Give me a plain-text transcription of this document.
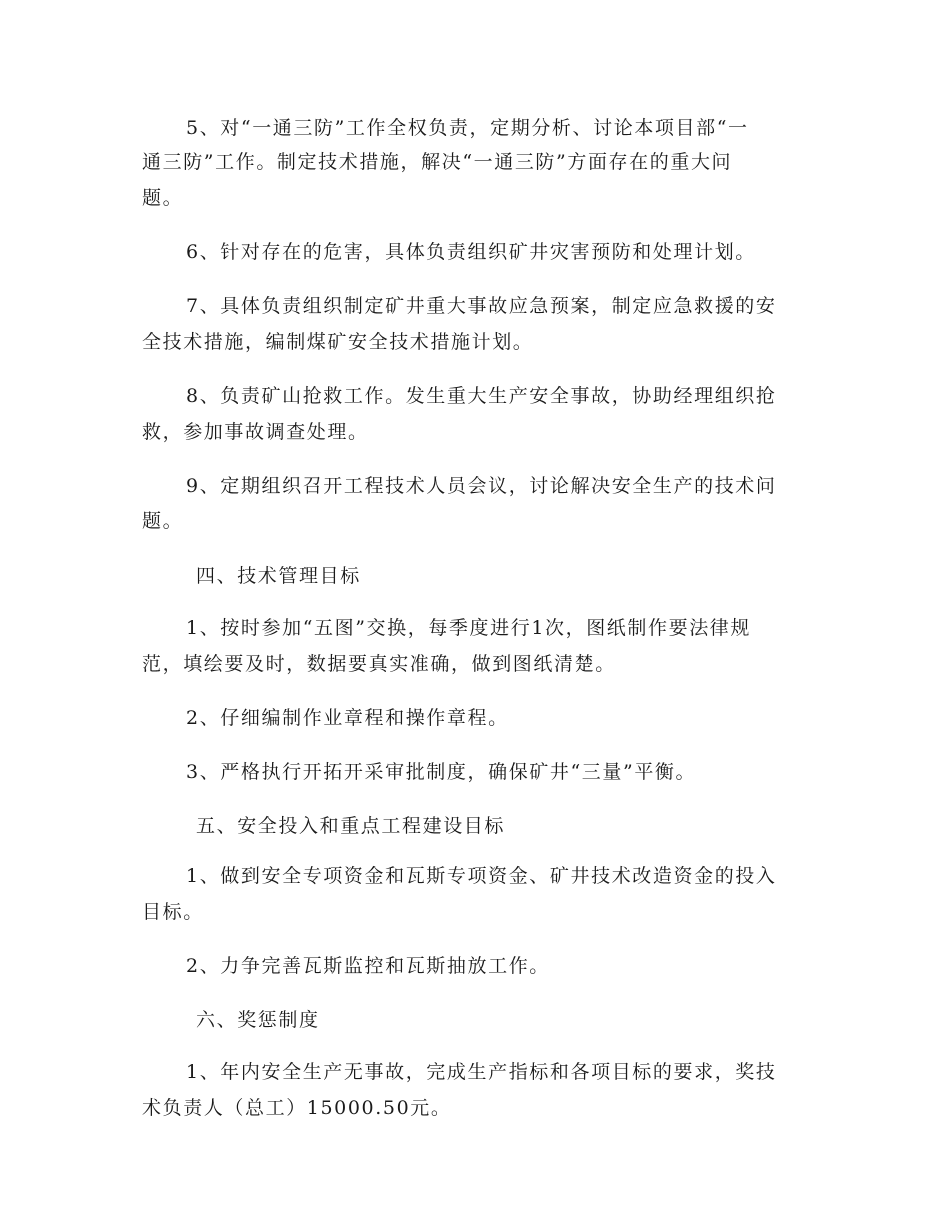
5、对“一通三防”工作全权负责，定期分析、讨论本项目部“一

通三防”工作。制定技术措施，解决“一通三防”方面存在的重大问

题。

6、针对存在的危害，具体负责组织矿井灾害预防和处理计划。

7、具体负责组织制定矿井重大事故应急预案，制定应急救援的安

全技术措施，编制煤矿安全技术措施计划。

8、负责矿山抢救工作。发生重大生产安全事故，协助经理组织抢

救，参加事故调查处理。

9、定期组织召开工程技术人员会议，讨论解决安全生产的技术问

题。

四、技术管理目标

1、按时参加“五图”交换，每季度进行1次，图纸制作要法律规

范，填绘要及时，数据要真实准确，做到图纸清楚。

2、仔细编制作业章程和操作章程。

3、严格执行开拓开采审批制度，确保矿井“三量”平衡。

五、安全投入和重点工程建设目标

1、做到安全专项资金和瓦斯专项资金、矿井技术改造资金的投入

目标。

2、力争完善瓦斯监控和瓦斯抽放工作。

六、奖惩制度

1、年内安全生产无事故，完成生产指标和各项目标的要求，奖技

术负责人（总工）15000.50元。
